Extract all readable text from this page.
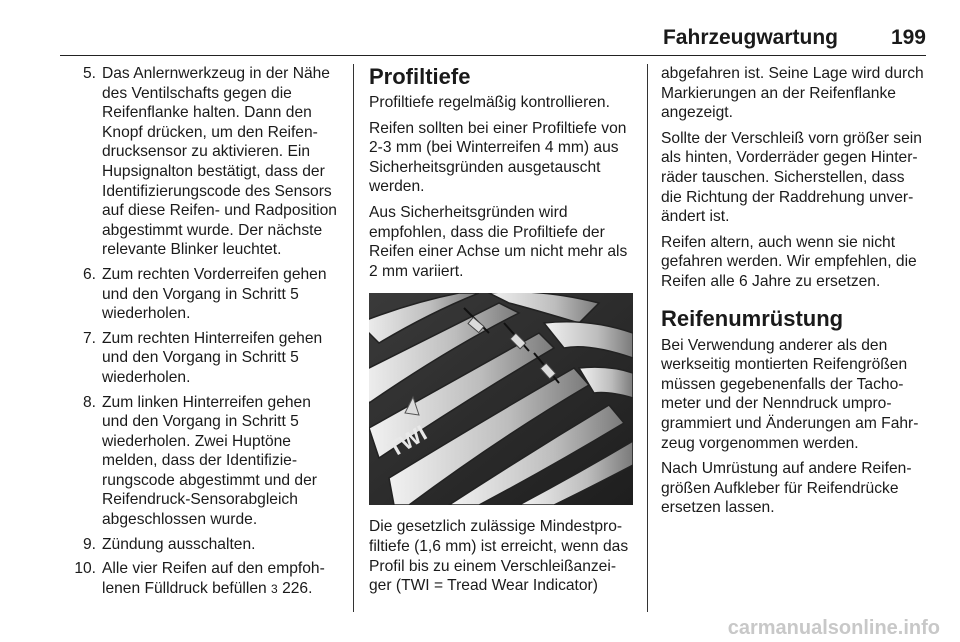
Fahrzeugwartung	199
5. Das Anlernwerkzeug in der Nähe des Ventilschafts gegen die Reifenflanke halten. Dann den Knopf drücken, um den Reifendrucksensor zu aktivieren. Ein Hupsignalton bestätigt, dass der Identifizierungscode des Sensors auf diese Reifen- und Radposition abgestimmt wurde. Der nächste relevante Blinker leuchtet.
6. Zum rechten Vorderreifen gehen und den Vorgang in Schritt 5 wiederholen.
7. Zum rechten Hinterreifen gehen und den Vorgang in Schritt 5 wiederholen.
8. Zum linken Hinterreifen gehen und den Vorgang in Schritt 5 wiederholen. Zwei Huptöne melden, dass der Identifizierungscode abgestimmt und der Reifendruck-Sensorabgleich abgeschlossen wurde.
9. Zündung ausschalten.
10. Alle vier Reifen auf den empfohlenen Fülldruck befüllen 3 226.
Profiltiefe

Profiltiefe regelmäßig kontrollieren.

Reifen sollten bei einer Profiltiefe von 2-3 mm (bei Winterreifen 4 mm) aus Sicherheitsgründen ausgetauscht werden.

Aus Sicherheitsgründen wird empfohlen, dass die Profiltiefe der Reifen einer Achse um nicht mehr als 2 mm variiert.

TWI

Die gesetzlich zulässige Mindestprofiltiefe (1,6 mm) ist erreicht, wenn das Profil bis zu einem Verschleißanzeiger (TWI = Tread Wear Indicator)

abgefahren ist. Seine Lage wird durch Markierungen an der Reifenflanke angezeigt.

Sollte der Verschleiß vorn größer sein als hinten, Vorderräder gegen Hinterräder tauschen. Sicherstellen, dass die Richtung der Raddrehung unverändert ist.

Reifen altern, auch wenn sie nicht gefahren werden. Wir empfehlen, die Reifen alle 6 Jahre zu ersetzen.

Reifenumrüstung

Bei Verwendung anderer als den werkseitig montierten Reifengrößen müssen gegebenenfalls der Tachometer und der Nenndruck umprogrammiert und Änderungen am Fahrzeug vorgenommen werden.

Nach Umrüstung auf andere Reifengrößen Aufkleber für Reifendrücke ersetzen lassen.

carmanualsonline.info
